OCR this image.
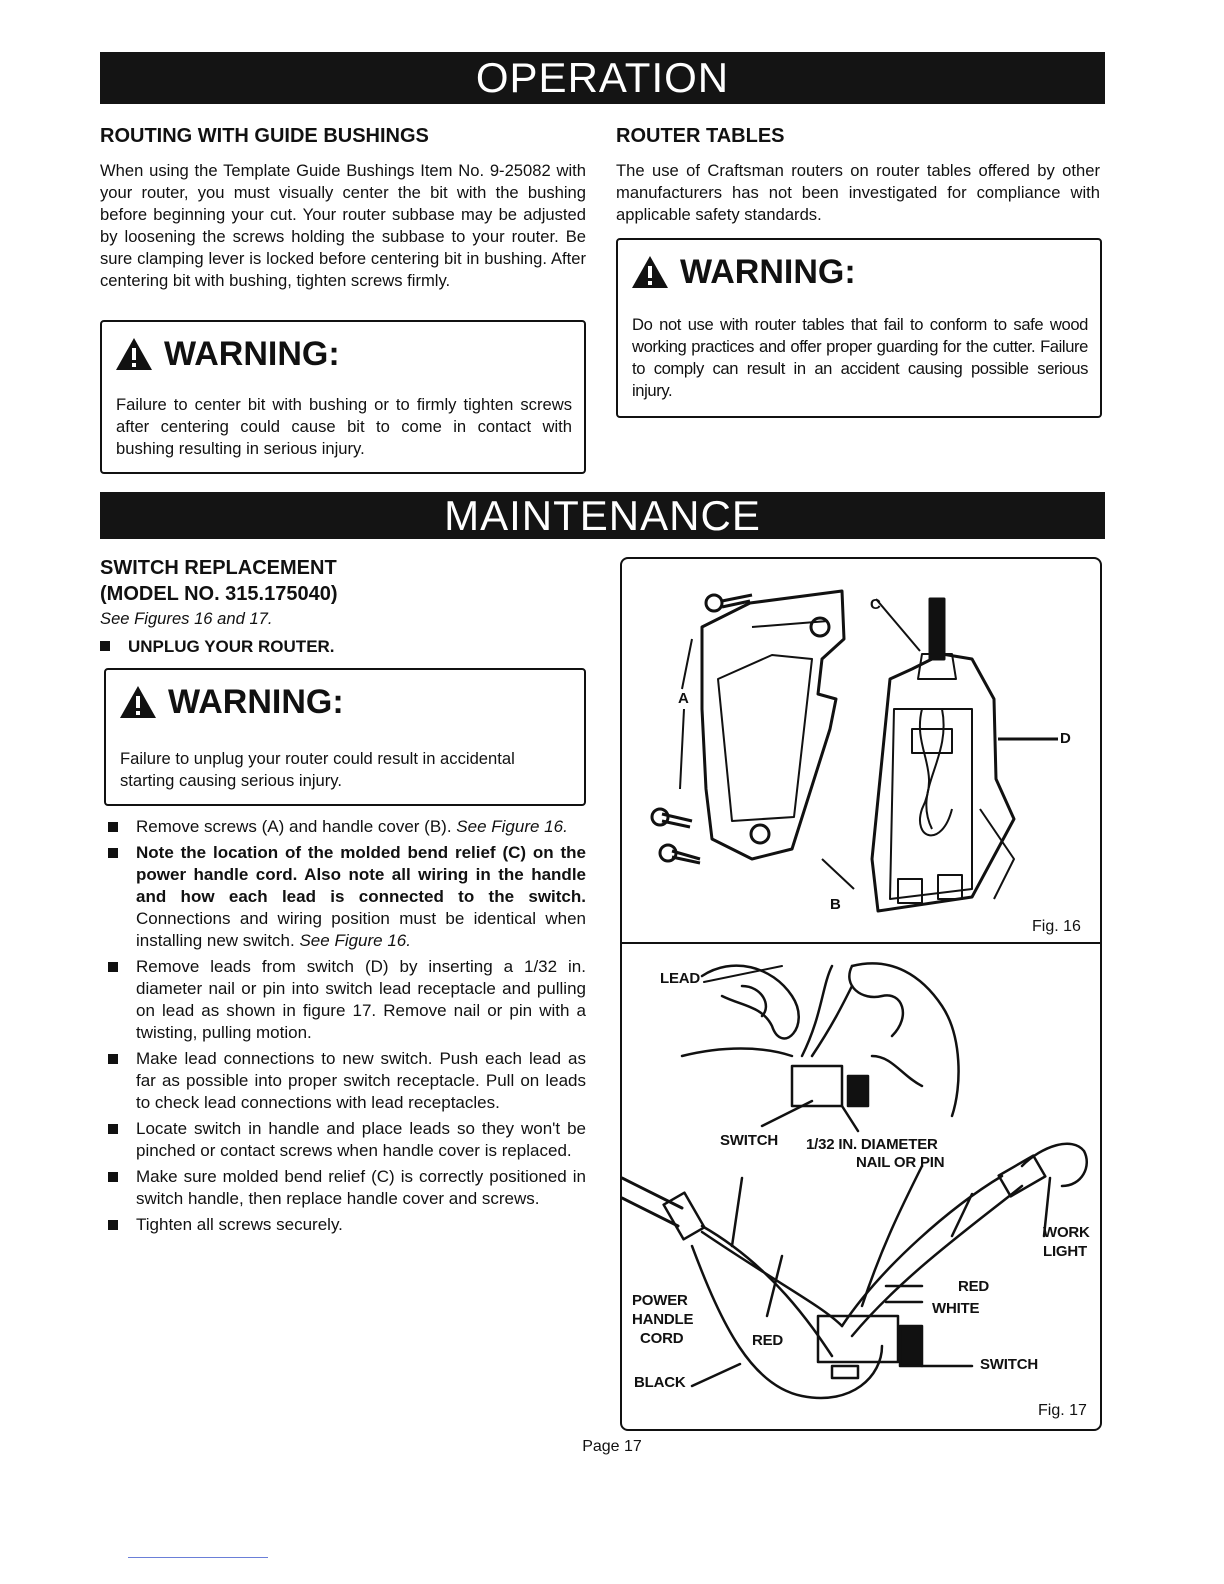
OPERATION
ROUTING WITH GUIDE BUSHINGS

When using the Template Guide Bushings Item No. 9-25082 with your router, you must visually center the bit with the bushing before beginning your cut. Your router subbase may be adjusted by loosening the screws holding the subbase to your router. Be sure clamping lever is locked before centering bit in bushing. After centering bit with bushing, tighten screws firmly.

WARNING:
Failure to center bit with bushing or to firmly tighten screws after centering could cause bit to come in contact with bushing resulting in serious injury.
ROUTER TABLES

The use of Craftsman routers on router tables offered by other manufacturers has not been investigated for compliance with applicable safety standards.

WARNING:
Do not use with router tables that fail to conform to safe wood working practices and offer proper guarding for the cutter. Failure to comply can result in an accident causing possible serious injury.
MAINTENANCE
SWITCH REPLACEMENT
(MODEL NO. 315.175040)

See Figures 16 and 17.

UNPLUG YOUR ROUTER.
WARNING:
Failure to unplug your router could result in accidental starting causing serious injury.
Remove screws (A) and handle cover (B). See Figure 16.
Note the location of the molded bend relief (C) on the power handle cord. Also note all wiring in the handle and how each lead is connected to the switch. Connections and wiring position must be identical when installing new switch. See Figure 16.
Remove leads from switch (D) by inserting a 1/32 in. diameter nail or pin into switch lead receptacle and pulling on lead as shown in figure 17. Remove nail or pin with a twisting, pulling motion.
Make lead connections to new switch. Push each lead as far as possible into proper switch receptacle. Pull on leads to check lead connections with lead receptacles.
Locate switch in handle and place leads so they won't be pinched or contact screws when handle cover is replaced.
Make sure molded bend relief (C) is correctly positioned in switch handle, then replace handle cover and screws.
Tighten all screws securely.
C
A
D
B
Fig. 16
LEAD
SWITCH 1/32 IN. DIAMETER
NAIL OR PIN
WORK
LIGHT
RED
WHITE
POWER
HANDLE
CORD	RED
SWITCH
BLACK
Fig. 17
Page 17
